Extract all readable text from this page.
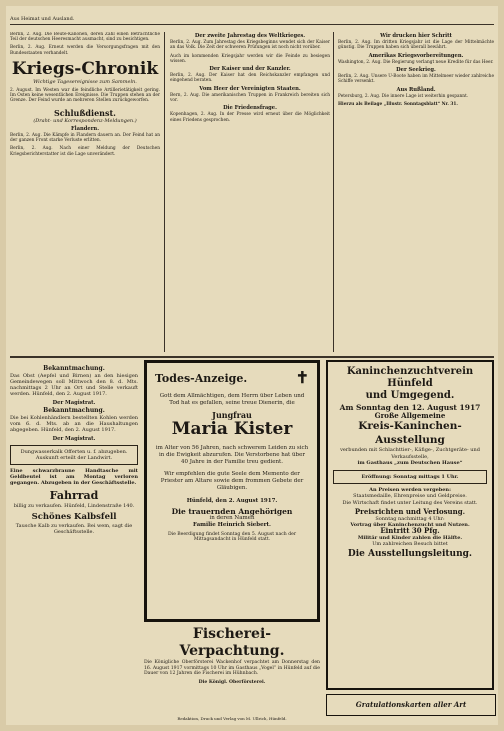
Aus Heimat und Ausland.

Berlin, 2. Aug. Die Beute-Kanonen, deren Zahl einen Beträchtliche Teil der deutschen Heeresmacht ausmacht, sind zu besichtigen.

Berlin, 2. Aug. Erneut werden die Versorgungsfragen mit den Bundesstaaten verhandelt.

Kriegs-Chronik
Wichtige Tagesereignisse zum Sammeln.

2. August. Im Westen war die feindliche Artillerietätigkeit gering. Im Osten keine wesentlichen Ereignisse. Die Truppen stehen an der Grenze. Der Feind wurde an mehreren Stellen zurückgeworfen.

Schlußdienst.
(Draht- und Korrespondenz-Meldungen.)
Flandern.

Berlin, 2. Aug. Die Kämpfe in Flandern dauern an. Der Feind hat an der ganzen Front starke Verluste erlitten.

Berlin, 2. Aug. Nach einer Meldung der Deutschen Kriegsberichterstatter ist die Lage unverändert.

Der zweite Jahrestag des Weltkrieges.

Berlin, 2. Aug. Zum Jahrestag des Kriegsbeginns wendet sich der Kaiser an das Volk. Die Zeit der schweren Prüfungen ist noch nicht vorüber.

Auch im kommenden Kriegsjahr werden wir die Feinde zu besiegen wissen.

Der Kaiser und der Kanzler.

Berlin, 2. Aug. Der Kaiser hat den Reichskanzler empfangen und eingehend beraten.

Vom Heer der Vereinigten Staaten.

Bern, 2. Aug. Die amerikanischen Truppen in Frankreich bereiten sich vor.

Die Friedensfrage.

Kopenhagen, 2. Aug. In der Presse wird erneut über die Möglichkeit eines Friedens gesprochen.

Wir drucken hier Schritt

Berlin, 2. Aug. Im dritten Kriegsjahr ist die Lage der Mittelmächte günstig. Die Truppen haben sich überall bewährt.

Amerikas Kriegsvorbereitungen.

Washington, 2. Aug. Die Regierung verlangt neue Kredite für das Heer.

Der Seekrieg.

Berlin, 2. Aug. Unsere U-Boote haben im Mittelmeer wieder zahlreiche Schiffe versenkt.

Aus Rußland.

Petersburg, 2. Aug. Die innere Lage ist weiterhin gespannt.

Hierzu als Beilage „Illustr. Sonntagsblatt“ Nr. 31.

Bekanntmachung.

Das Obst (Aepfel und Birnen) an den hiesigen Gemeindewegen soll Mittwoch den 8. d. Mts. nachmittags 2 Uhr an Ort und Stelle verkauft werden. Hünfeld, den 2. August 1917.

Der Magistrat.
Bekanntmachung.

Die bei Kohlenhändlern bestellten Kohlen werden vom 6. d. Mts. ab an die Haushaltungen abgegeben. Hünfeld, den 2. August 1917.

Der Magistrat.
Dungwasserkalk Offerten u. f. abzugeben. Auskunft erteilt der Landwirt.

Eine schwarzbraune Handtasche mit Geldbeutel ist am Montag verloren gegangen. Abzugeben in der Geschäftsstelle.

Fahrrad

billig zu verkaufen. Hünfeld, Lindenstraße 140.

Schönes Kalbsfell

Tausche Kalb zu verkaufen. Bei wem, sagt die Geschäftsstelle.

Todes-Anzeige.	✝

Gott dem Allmächtigen, dem Herrn über Leben und Tod hat es gefallen, seine treue Dienerin, die

Jungfrau
Maria Kister

im Alter von 56 Jahren, nach schwerem Leiden zu sich in die Ewigkeit abzurufen. Die Verstorbene hat über 40 Jahre in der Familie treu gedient.

Wir empfehlen die gute Seele dem Memento der Priester am Altare sowie dem frommen Gebete der Gläubigen.

Hünfeld, den 2. August 1917.
Die trauernden Angehörigen
in deren Namen
Familie Heinrich Siebert.

Die Beerdigung findet Sonntag den 5. August nach der Mittagsandacht in Hünfeld statt.

Fischerei-Verpachtung.

Die Königliche Oberförsterei Wackenhof verpachtet am Donnerstag den 16. August 1917 vormittags 10 Uhr im Gasthaus „Vogel“ in Hünfeld auf die Dauer von 12 Jahren die Fischerei im Hühnbach.

Die Königl. Oberförsterei.
Kaninchenzuchtverein Hünfeld
und Umgegend.
Am Sonntag den 12. August 1917
Große Allgemeine
Kreis-Kaninchen-Ausstellung
verbunden mit Schlachttier-, Käfige-, Zuchtgeräte- und Verkaufsstelle,
im Gasthaus „zum Deutschen Hause“
Eröffnung: Sonntag mittags 1 Uhr.
An Preisen werden vergeben:
Staatsmedaille, Ehrenpreise und Geldpreise.
Die Wirtschaft findet unter Leitung des Vereins statt.
Preisrichten und Verlosung.
Sonntag nachmittag 4 Uhr:
Vortrag über Kaninchenzucht und Nutzen.
Eintritt 30 Pfg.
Militär und Kinder zahlen die Hälfte.
Um zahlreichen Besuch bittet
Die Ausstellungsleitung.
Gratulationskarten aller Art
Redaktion, Druck und Verlag von M. Ullrich, Hünfeld.
